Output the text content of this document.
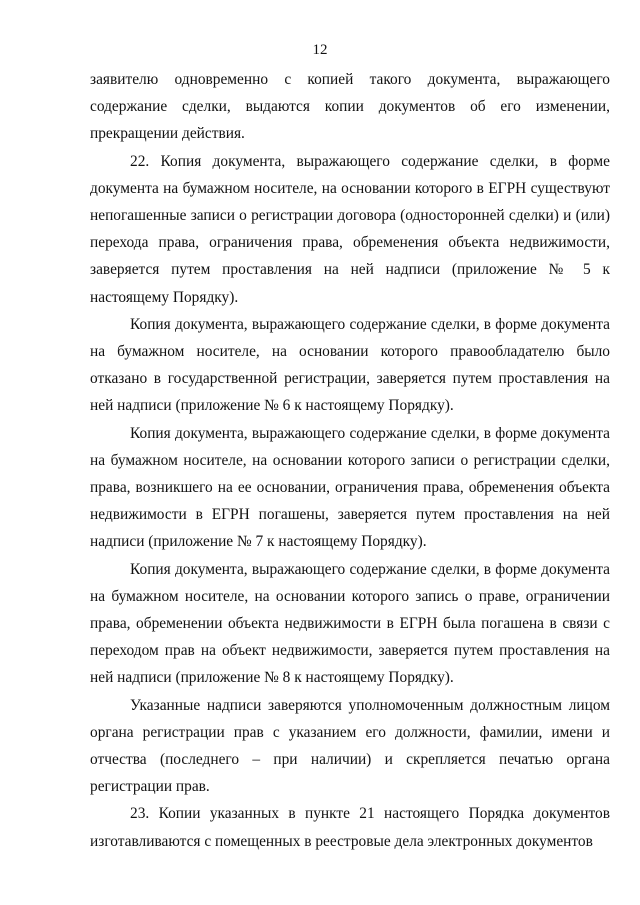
12

заявителю одновременно с копией такого документа, выражающего содержание сделки, выдаются копии документов об его изменении, прекращении действия.

22. Копия документа, выражающего содержание сделки, в форме документа на бумажном носителе, на основании которого в ЕГРН существуют непогашенные записи о регистрации договора (односторонней сделки) и (или) перехода права, ограничения права, обременения объекта недвижимости, заверяется путем проставления на ней надписи (приложение № 5 к настоящему Порядку).

Копия документа, выражающего содержание сделки, в форме документа на бумажном носителе, на основании которого правообладателю было отказано в государственной регистрации, заверяется путем проставления на ней надписи (приложение № 6 к настоящему Порядку).

Копия документа, выражающего содержание сделки, в форме документа на бумажном носителе, на основании которого записи о регистрации сделки, права, возникшего на ее основании, ограничения права, обременения объекта недвижимости в ЕГРН погашены, заверяется путем проставления на ней надписи (приложение № 7 к настоящему Порядку).

Копия документа, выражающего содержание сделки, в форме документа на бумажном носителе, на основании которого запись о праве, ограничении права, обременении объекта недвижимости в ЕГРН была погашена в связи с переходом прав на объект недвижимости, заверяется путем проставления на ней надписи (приложение № 8 к настоящему Порядку).

Указанные надписи заверяются уполномоченным должностным лицом органа регистрации прав с указанием его должности, фамилии, имени и отчества (последнего – при наличии) и скрепляется печатью органа регистрации прав.

23. Копии указанных в пункте 21 настоящего Порядка документов изготавливаются с помещенных в реестровые дела электронных документов
